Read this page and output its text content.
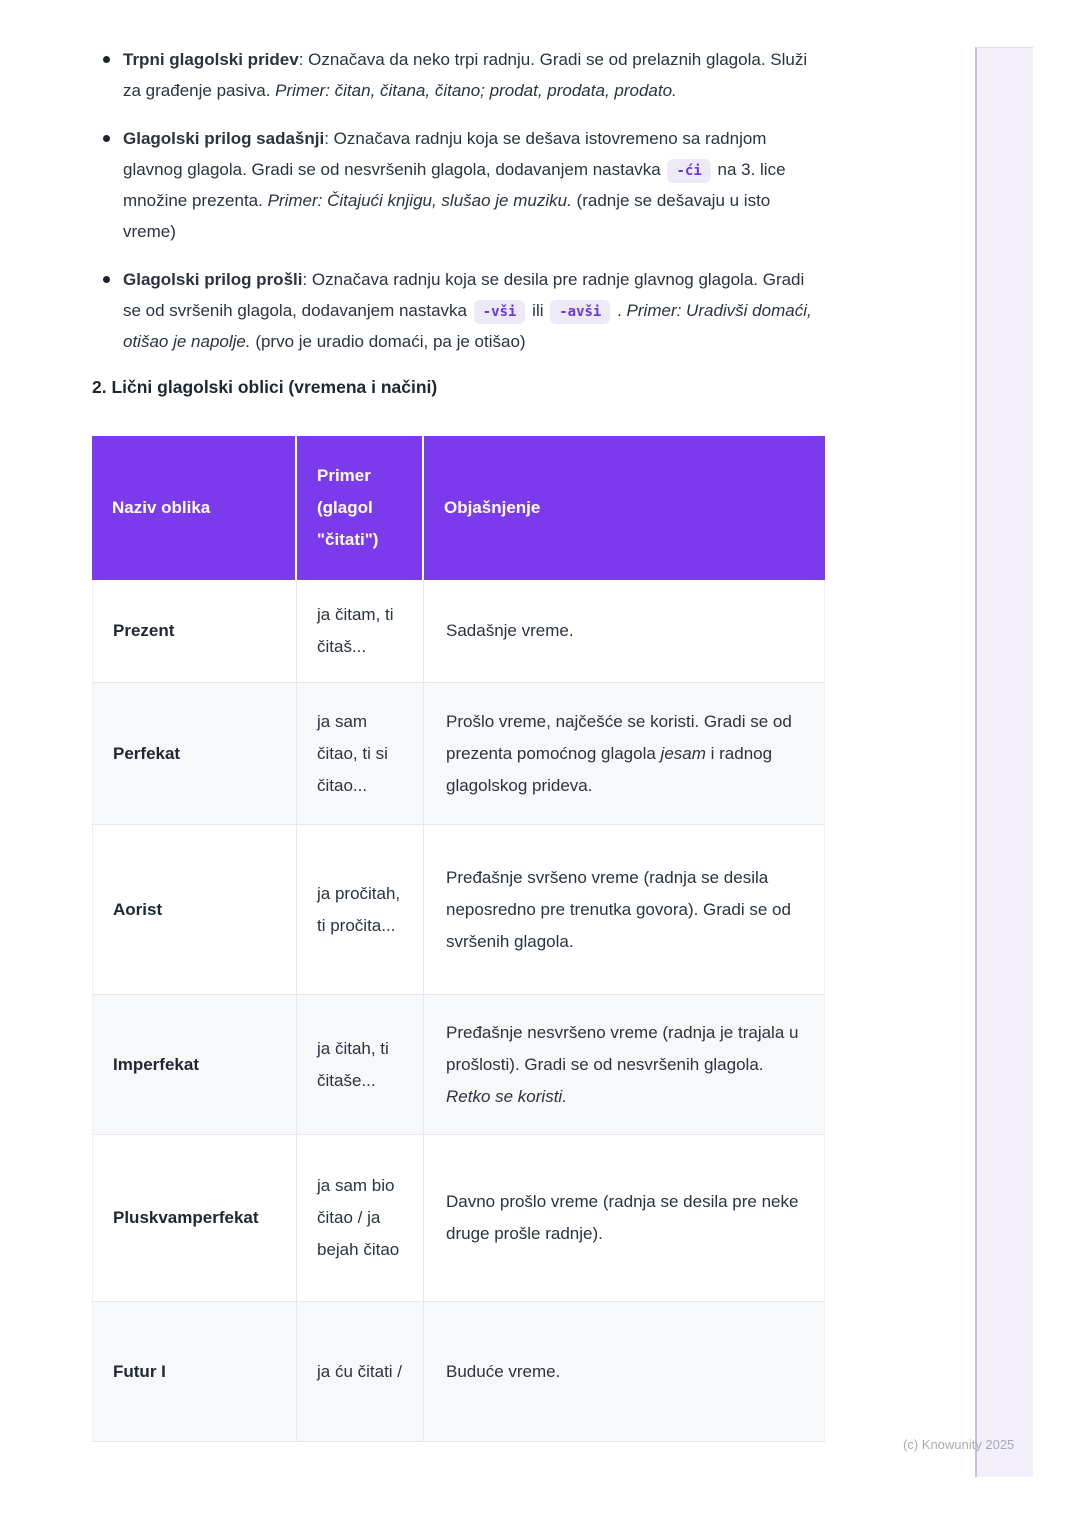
Trpni glagolski pridev: Označava da neko trpi radnju. Gradi se od prelaznih glagola. Služi za građenje pasiva. Primer: čitan, čitana, čitano; prodat, prodata, prodato.
Glagolski prilog sadašnji: Označava radnju koja se dešava istovremeno sa radnjom glavnog glagola. Gradi se od nesvršenih glagola, dodavanjem nastavka -ći na 3. lice množine prezenta. Primer: Čitajući knjigu, slušao je muziku. (radnje se dešavaju u isto vreme)
Glagolski prilog prošli: Označava radnju koja se desila pre radnje glavnog glagola. Gradi se od svršenih glagola, dodavanjem nastavka -vši ili -avši . Primer: Uradivši domaći, otišao je napolje. (prvo je uradio domaći, pa je otišao)
2. Lični glagolski oblici (vremena i načini)
Naziv oblika
Primer (glagol "čitati")
Objašnjenje
Prezent
ja čitam, ti čitaš...
Sadašnje vreme.
Perfekat
ja sam čitao, ti si čitao...
Prošlo vreme, najčešće se koristi. Gradi se od prezenta pomoćnog glagola jesam i radnog glagolskog prideva.
Aorist
ja pročitah, ti pročita...
Pređašnje svršeno vreme (radnja se desila neposredno pre trenutka govora). Gradi se od svršenih glagola.
Imperfekat
ja čitah, ti čitaše...
Pređašnje nesvršeno vreme (radnja je trajala u prošlosti). Gradi se od nesvršenih glagola. Retko se koristi.
Pluskvamperfekat
ja sam bio čitao / ja bejah čitao
Davno prošlo vreme (radnja se desila pre neke druge prošle radnje).
Futur I	ja ću čitati /	Buduće vreme.
(c) Knowunity 2025
